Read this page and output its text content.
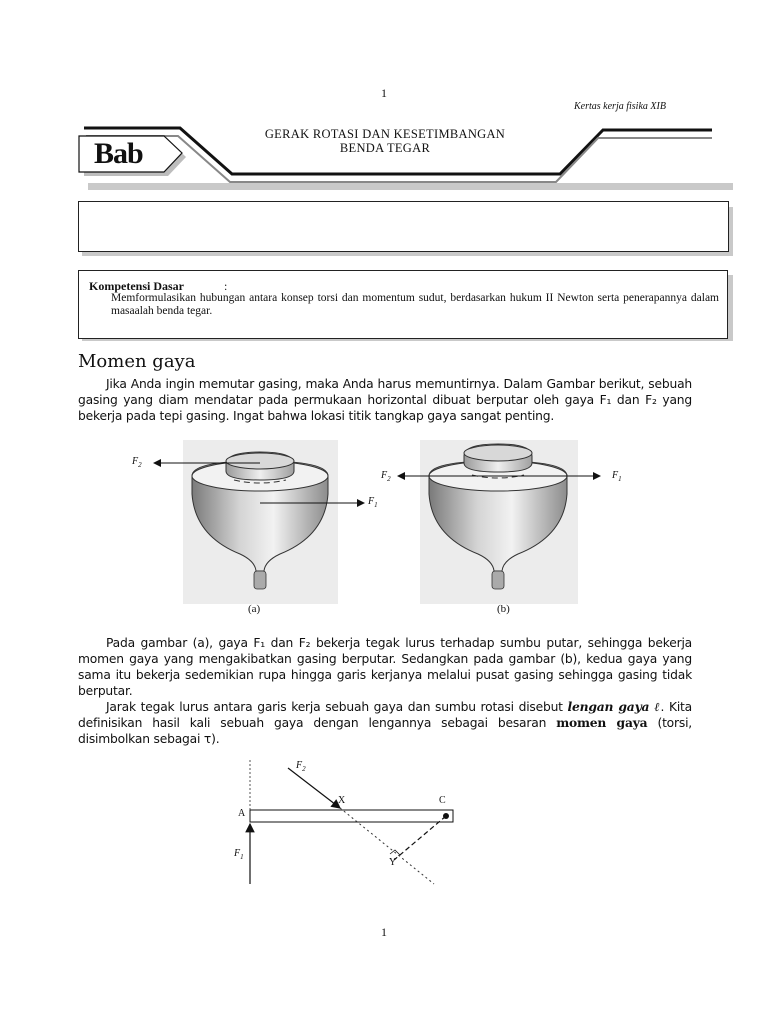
1
Kertas kerja fisika XIB
Bab
GERAK ROTASI DAN KESETIMBANGAN
BENDA TEGAR
Kompetensi Dasar	:
Memformulasikan hubungan antara konsep torsi dan momentum sudut, berdasarkan hukum II Newton serta penerapannya dalam masaalah benda tegar.
Momen gaya

Jika Anda ingin memutar gasing, maka Anda harus memuntirnya. Dalam Gambar berikut, sebuah gasing yang diam mendatar pada permukaan horizontal dibuat berputar oleh gaya F₁ dan F₂ yang bekerja pada tepi gasing. Ingat bahwa lokasi titik tangkap gaya sangat penting.

$F_2$
$F_1$
(a)
$F_2$	$F_1$
(b)

Pada gambar (a), gaya F₁ dan F₂ bekerja tegak lurus terhadap sumbu putar, sehingga bekerja momen gaya yang mengakibatkan gasing berputar. Sedangkan pada gambar (b), kedua gaya yang sama itu bekerja sedemikian rupa hingga garis kerjanya melalui pusat gasing sehingga gasing tidak berputar.

Jarak tegak lurus antara garis kerja sebuah gaya dan sumbu rotasi disebut lengan gaya ℓ. Kita definisikan hasil kali sebuah gaya dengan lengannya sebagai besaran momen gaya (torsi, disimbolkan sebagai τ).

$F_2$
X	C
A
$F_1$	Y
1
